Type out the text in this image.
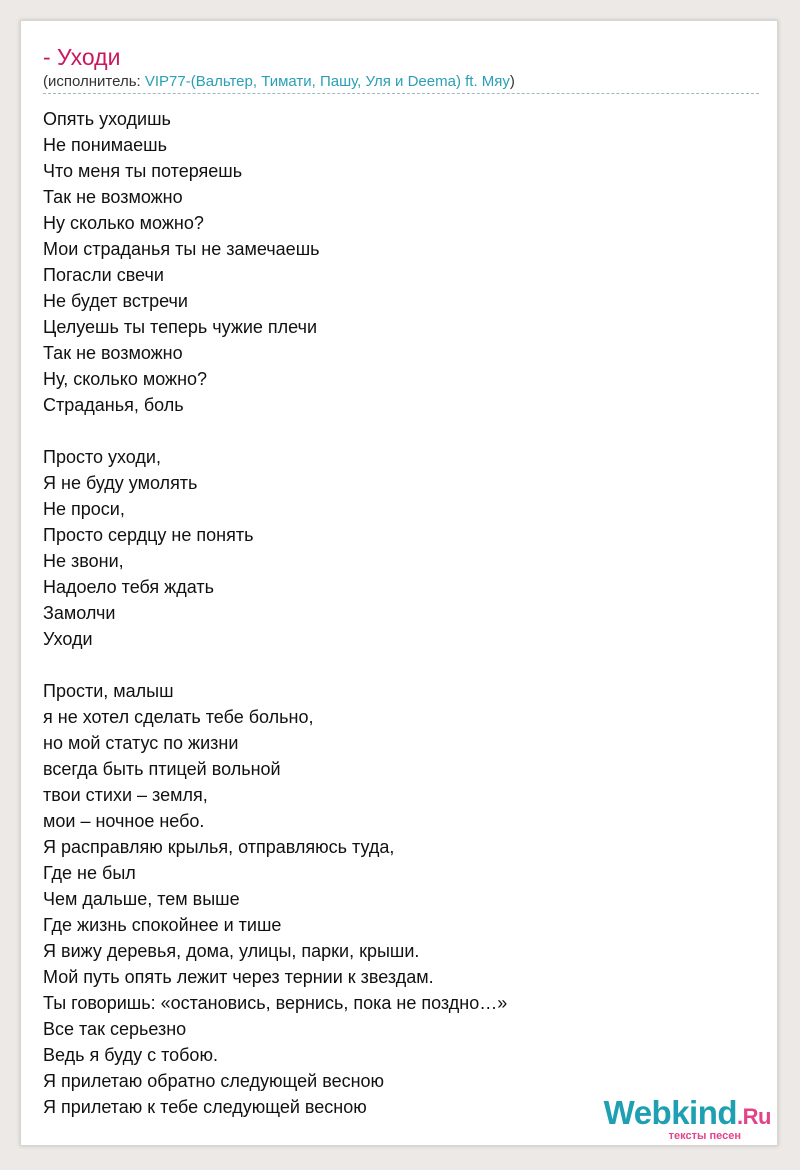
- Уходи
(исполнитель: VIP77-(Вальтер, Тимати, Пашу, Уля и Deema) ft. Мяу)
Опять уходишь
Не понимаешь
Что меня ты потеряешь
Так не возможно
Ну сколько можно?
Мои страданья ты не замечаешь
Погасли свечи
Не будет встречи
Целуешь ты теперь чужие плечи
Так не возможно
Ну, сколько можно?
Страданья, боль
Просто уходи,
Я не буду умолять
Не проси,
Просто сердцу не понять
Не звони,
Надоело тебя ждать
Замолчи
Уходи
Прости, малыш
я не хотел сделать тебе больно,
но мой статус по жизни
всегда быть птицей вольной
твои стихи – земля,
мои – ночное небо.
Я расправляю крылья, отправляюсь туда,
Где не был
Чем дальше, тем выше
Где жизнь спокойнее и тише
Я вижу деревья, дома, улицы, парки, крыши.
Мой путь опять лежит через тернии к звездам.
Ты говоришь: «остановись, вернись, пока не поздно…»
Все так серьезно
Ведь я буду с тобою.
Я прилетаю обратно следующей весною
Я прилетаю к тебе следующей весною	Webkind.Ru
тексты песен
